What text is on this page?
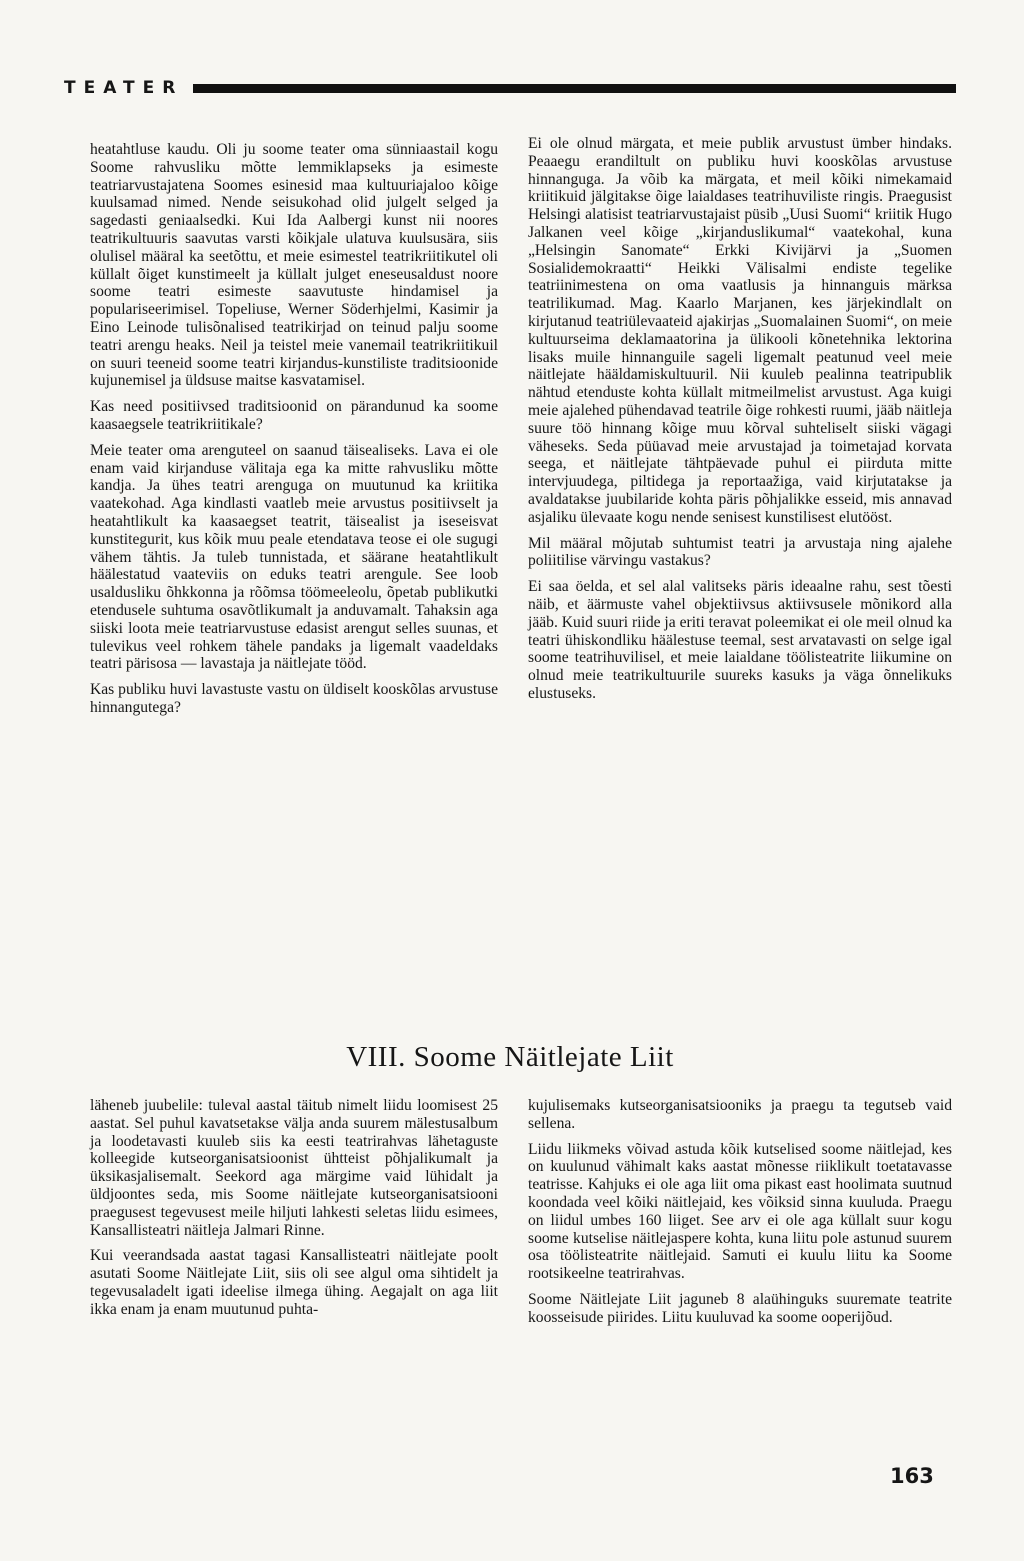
TEATER

heatahtluse kaudu. Oli ju soome teater oma sünniaastail kogu Soome rahvusliku mõtte lemmiklapseks ja esimeste teatriarvustajatena Soomes esinesid maa kultuuriajaloo kõige kuulsamad nimed. Nende seisukohad olid julgelt selged ja sagedasti geniaalsedki. Kui Ida Aalbergi kunst nii noores teatrikultuuris saavutas varsti kõikjale ulatuva kuulsusära, siis olulisel määral ka seetõttu, et meie esimestel teatrikriitikutel oli küllalt õiget kunstimeelt ja küllalt julget eneseusaldust noore soome teatri esimeste saavutuste hindamisel ja populariseerimisel. Topeliuse, Werner Söderhjelmi, Kasimir ja Eino Leinode tulisõnalised teatrikirjad on teinud palju soome teatri arengu heaks. Neil ja teistel meie vanemail teatrikriitikuil on suuri teeneid soome teatri kirjandus-kunstiliste traditsioonide kujunemisel ja üldsuse maitse kasvatamisel.

Kas need positiivsed traditsioonid on pärandunud ka soome kaasaegsele teatrikriitikale?

Meie teater oma arenguteel on saanud täisealiseks. Lava ei ole enam vaid kirjanduse välitaja ega ka mitte rahvusliku mõtte kandja. Ja ühes teatri arenguga on muutunud ka kriitika vaatekohad. Aga kindlasti vaatleb meie arvustus positiivselt ja heatahtlikult ka kaasaegset teatrit, täisealist ja iseseisvat kunstitegurit, kus kõik muu peale etendatava teose ei ole sugugi vähem tähtis. Ja tuleb tunnistada, et säärane heatahtlikult häälestatud vaateviis on eduks teatri arengule. See loob usaldusliku õhkkonna ja rõõmsa töömeeleolu, õpetab publikutki etendusele suhtuma osavõtlikumalt ja anduvamalt. Tahaksin aga siiski loota meie teatriarvustuse edasist arengut selles suunas, et tulevikus veel rohkem tähele pandaks ja ligemalt vaadeldaks teatri pärisosa — lavastaja ja näitlejate tööd.

Kas publiku huvi lavastuste vastu on üldiselt kooskõlas arvustuse hinnangutega?

Ei ole olnud märgata, et meie publik arvustust ümber hindaks. Peaaegu erandiltult on publiku huvi kooskõlas arvustuse hinnanguga. Ja võib ka märgata, et meil kõiki nimekamaid kriitikuid jälgitakse õige laialdases teatrihuviliste ringis. Praegusist Helsingi alatisist teatriarvustajaist püsib „Uusi Suomi“ kriitik Hugo Jalkanen veel kõige „kirjanduslikumal“ vaatekohal, kuna „Helsingin Sanomate“ Erkki Kivijärvi ja „Suomen Sosialidemokraatti“ Heikki Välisalmi endiste tegelike teatriinimestena on oma vaatlusis ja hinnanguis märksa teatrilikumad. Mag. Kaarlo Marjanen, kes järjekindlalt on kirjutanud teatriülevaateid ajakirjas „Suomalainen Suomi“, on meie kultuurseima deklamaatorina ja ülikooli kõnetehnika lektorina lisaks muile hinnanguile sageli ligemalt peatunud veel meie näitlejate hääldamiskultuuril. Nii kuuleb pealinna teatripublik nähtud etenduste kohta küllalt mitmeilmelist arvustust. Aga kuigi meie ajalehed pühendavad teatrile õige rohkesti ruumi, jääb näitleja suure töö hinnang kõige muu kõrval suhteliselt siiski vägagi väheseks. Seda püüavad meie arvustajad ja toimetajad korvata seega, et näitlejate tähtpäevade puhul ei piirduta mitte intervjuudega, piltidega ja reportaažiga, vaid kirjutatakse ja avaldatakse juubilaride kohta päris põhjalikke esseid, mis annavad asjaliku ülevaate kogu nende senisest kunstilisest elutööst.

Mil määral mõjutab suhtumist teatri ja arvustaja ning ajalehe poliitilise värvingu vastakus?

Ei saa öelda, et sel alal valitseks päris ideaalne rahu, sest tõesti näib, et äärmuste vahel objektiivsus aktiivsusele mõnikord alla jääb. Kuid suuri riide ja eriti teravat poleemikat ei ole meil olnud ka teatri ühiskondliku häälestuse teemal, sest arvatavasti on selge igal soome teatrihuvilisel, et meie laialdane töölisteatrite liikumine on olnud meie teatrikultuurile suureks kasuks ja väga õnnelikuks elustuseks.

VIII. Soome Näitlejate Liit

läheneb juubelile: tuleval aastal täitub nimelt liidu loomisest 25 aastat. Sel puhul kavatsetakse välja anda suurem mälestusalbum ja loodetavasti kuuleb siis ka eesti teatrirahvas lähetaguste kolleegide kutseorganisatsioonist ühtteist põhjalikumalt ja üksikasjalisemalt. Seekord aga märgime vaid lühidalt ja üldjoontes seda, mis Soome näitlejate kutseorganisatsiooni praegusest tegevusest meile hiljuti lahkesti seletas liidu esimees, Kansallisteatri näitleja Jalmari Rinne.

Kui veerandsada aastat tagasi Kansallisteatri näitlejate poolt asutati Soome Näitlejate Liit, siis oli see algul oma sihtidelt ja tegevusaladelt igati ideelise ilmega ühing. Aegajalt on aga liit ikka enam ja enam muutunud puhta-

kujulisemaks kutseorganisatsiooniks ja praegu ta tegutseb vaid sellena.

Liidu liikmeks võivad astuda kõik kutselised soome näitlejad, kes on kuulunud vähimalt kaks aastat mõnesse riiklikult toetatavasse teatrisse. Kahjuks ei ole aga liit oma pikast east hoolimata suutnud koondada veel kõiki näitlejaid, kes võiksid sinna kuuluda. Praegu on liidul umbes 160 liiget. See arv ei ole aga küllalt suur kogu soome kutselise näitlejaspere kohta, kuna liitu pole astunud suurem osa töölisteatrite näitlejaid. Samuti ei kuulu liitu ka Soome rootsikeelne teatrirahvas.

Soome Näitlejate Liit jaguneb 8 alaühinguks suuremate teatrite koosseisude piirides. Liitu kuuluvad ka soome ooperijõud.

163
